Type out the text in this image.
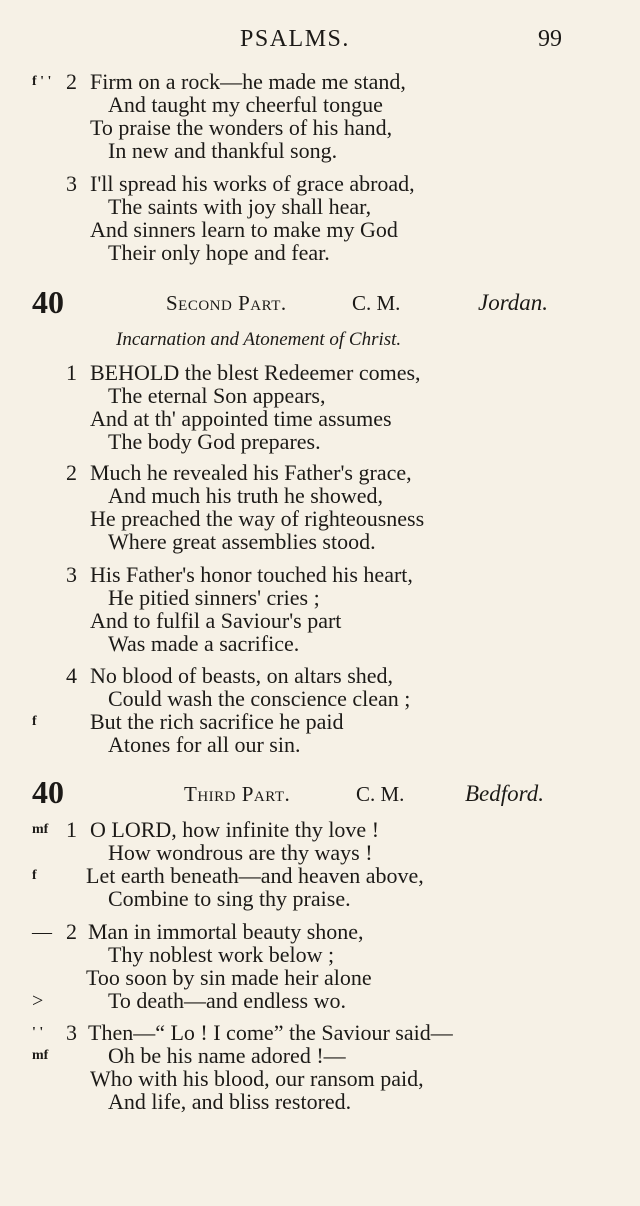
PSALMS.	99
f ' ' 2 Firm on a rock—he made me stand,
And taught my cheerful tongue
To praise the wonders of his hand,
In new and thankful song.
3 I'll spread his works of grace abroad,
The saints with joy shall hear,
And sinners learn to make my God
Their only hope and fear.
40	Second Part.	C. M.	Jordan.
Incarnation and Atonement of Christ.
1 BEHOLD the blest Redeemer comes,
The eternal Son appears,
And at th' appointed time assumes
The body God prepares.
2 Much he revealed his Father's grace,
And much his truth he showed,
He preached the way of righteousness
Where great assemblies stood.
3 His Father's honor touched his heart,
He pitied sinners' cries ;
And to fulfil a Saviour's part
Was made a sacrifice.
4 No blood of beasts, on altars shed,
Could wash the conscience clean ;
f But the rich sacrifice he paid
Atones for all our sin.
40	Third Part.	C. M.	Bedford.
mf 1 O LORD, how infinite thy love !
How wondrous are thy ways !
f Let earth beneath—and heaven above,
Combine to sing thy praise.
— 2 Man in immortal beauty shone,
Thy noblest work below ;
Too soon by sin made heir alone
>	To death—and endless wo.
' ' 3 Then—“ Lo ! I come” the Saviour said—
mf	Oh be his name adored !—
Who with his blood, our ransom paid,
And life, and bliss restored.
